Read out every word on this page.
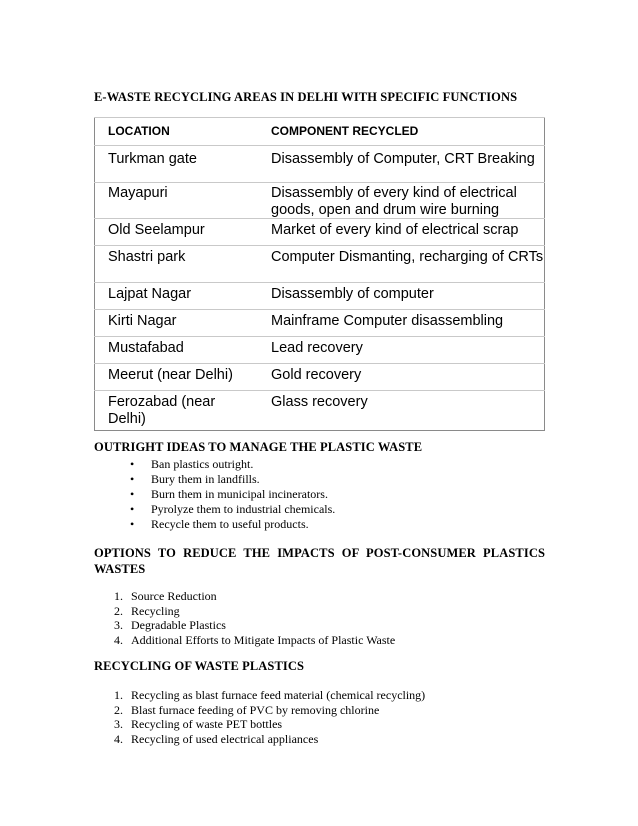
E-WASTE RECYCLING AREAS IN DELHI WITH SPECIFIC FUNCTIONS
LOCATION	COMPONENT RECYCLED

Turkman gate	Disassembly of Computer, CRT Breaking

Mayapuri	Disassembly of every kind of electrical goods, open and drum wire burning

Old Seelampur	Market of every kind of electrical scrap

Shastri park	Computer Dismanting, recharging of CRTs

Lajpat Nagar	Disassembly of computer

Kirti Nagar	Mainframe Computer disassembling

Mustafabad	Lead recovery

Meerut (near Delhi)	Gold recovery

Ferozabad (near Delhi)	Glass recovery
OUTRIGHT IDEAS TO MANAGE THE PLASTIC WASTE
• Ban plastics outright.
• Bury them in landfills.
• Burn them in municipal incinerators.
• Pyrolyze them to industrial chemicals.
• Recycle them to useful products.
OPTIONS TO REDUCE THE IMPACTS OF POST-CONSUMER PLASTICS
WASTES
1. Source Reduction
2. Recycling
3. Degradable Plastics
4. Additional Efforts to Mitigate Impacts of Plastic Waste
RECYCLING OF WASTE PLASTICS
1. Recycling as blast furnace feed material (chemical recycling)
2. Blast furnace feeding of PVC by removing chlorine
3. Recycling of waste PET bottles
4. Recycling of used electrical appliances
